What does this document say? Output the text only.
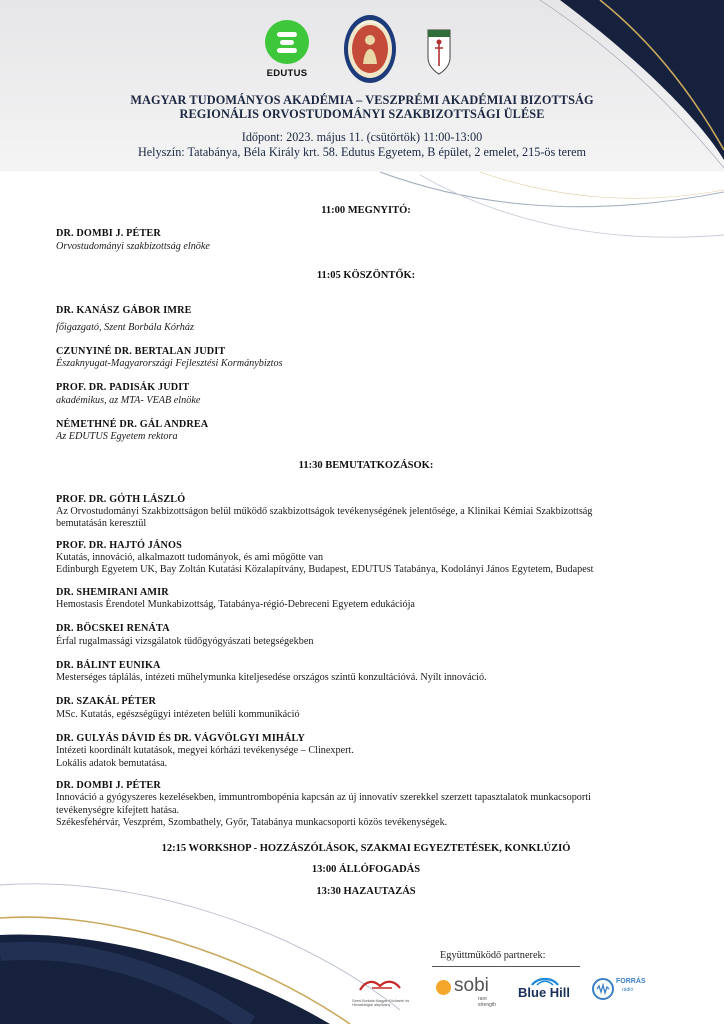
EDUTUS
MAGYAR TUDOMÁNYOS AKADÉMIA – VESZPRÉMI AKADÉMIAI BIZOTTSÁG
REGIONÁLIS ORVOSTUDOMÁNYI SZAKBIZOTTSÁGI ÜLÉSE
Időpont: 2023. május 11. (csütörtök) 11:00-13:00
Helyszín: Tatabánya, Béla Király krt. 58. Edutus Egyetem, B épület, 2 emelet, 215-ös terem
11:00 MEGNYITÓ:
DR. DOMBI J. PÉTER
Orvostudományi szakbizottság elnöke
11:05 KÖSZÖNTŐK:
DR. KANÁSZ GÁBOR IMRE
főigazgató, Szent Borbála Kórház
CZUNYINÉ DR. BERTALAN JUDIT
Északnyugat-Magyarországi Fejlesztési Kormánybiztos
PROF. DR. PADISÁK JUDIT
akadémikus, az MTA- VEAB elnöke
NÉMETHNÉ DR. GÁL ANDREA
Az EDUTUS Egyetem rektora
11:30 BEMUTATKOZÁSOK:
PROF. DR. GÓTH LÁSZLÓ
Az Orvostudományi Szakbizottságon belül működő szakbizottságok tevékenységének jelentősége, a Klinikai Kémiai Szakbizottság
bemutatásán keresztül
PROF. DR. HAJTÓ JÁNOS
Kutatás, innováció, alkalmazott tudományok, és ami mögötte van
Edinburgh Egyetem UK, Bay Zoltán Kutatási Közalapítvány, Budapest, EDUTUS Tatabánya, Kodolányi János Egytetem, Budapest
DR. SHEMIRANI AMIR
Hemostasis Érendotel Munkabizottság, Tatabánya-régió-Debreceni Egyetem edukációja
DR. BÖCSKEI RENÁTA
Érfal rugalmassági vizsgálatok tüdőgyógyászati betegségekben
DR. BÁLINT EUNIKA
Mesterséges táplálás, intézeti műhelymunka kiteljesedése országos szintű konzultációvá. Nyílt innováció.
DR. SZAKÁL PÉTER
MSc. Kutatás, egészségügyi intézeten belüli kommunikáció
DR. GULYÁS DÁVID ÉS DR. VÁGVÖLGYI MIHÁLY
Intézeti koordinált kutatások, megyei kórházi tevékenysége – Clinexpert.
Lokális adatok bemutatása.
DR. DOMBI J. PÉTER
Innováció a gyógyszeres kezelésekben, immuntrombopénia kapcsán az új innovatív szerekkel szerzett tapasztalatok munkacsoporti
tevékenységre kifejtett hatása.
Székesfehérvár, Veszprém, Szombathely, Győr, Tatabánya munkacsoporti közös tevékenységek.
12:15 WORKSHOP - HOZZÁSZÓLÁSOK, SZAKMAI EGYEZTETÉSEK, KONKLÚZIÓ
13:00 ÁLLÓFOGADÁS
13:30 HAZAUTAZÁS
Együttműködő partnerek:
Szent Borbála Magyar Közösséri és Hematológiai alapítvány
sobi
rare strength
Blue Hill
FORRÁS
rádió
